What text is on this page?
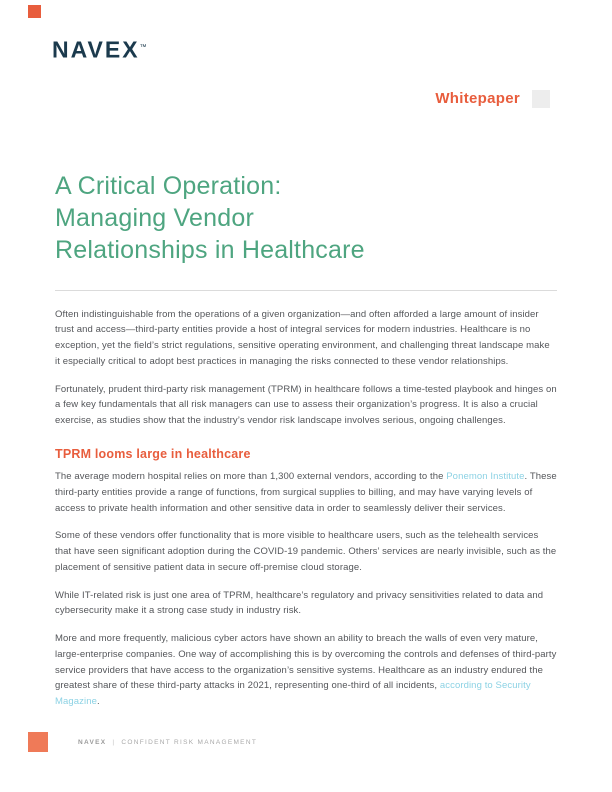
NAVEX™
Whitepaper
A Critical Operation:
Managing Vendor
Relationships in Healthcare

Often indistinguishable from the operations of a given organization—and often afforded a large amount of insider trust and access—third-party entities provide a host of integral services for modern industries. Healthcare is no exception, yet the field’s strict regulations, sensitive operating environment, and challenging threat landscape make it especially critical to adopt best practices in managing the risks connected to these vendor relationships.

Fortunately, prudent third-party risk management (TPRM) in healthcare follows a time-tested playbook and hinges on a few key fundamentals that all risk managers can use to assess their organization’s progress. It is also a crucial exercise, as studies show that the industry’s vendor risk landscape involves serious, ongoing challenges.

TPRM looms large in healthcare

The average modern hospital relies on more than 1,300 external vendors, according to the Ponemon Institute. These third-party entities provide a range of functions, from surgical supplies to billing, and may have varying levels of access to private health information and other sensitive data in order to seamlessly deliver their services.

Some of these vendors offer functionality that is more visible to healthcare users, such as the telehealth services that have seen significant adoption during the COVID-19 pandemic. Others’ services are nearly invisible, such as the placement of sensitive patient data in secure off-premise cloud storage.

While IT-related risk is just one area of TPRM, healthcare’s regulatory and privacy sensitivities related to data and cybersecurity make it a strong case study in industry risk.

More and more frequently, malicious cyber actors have shown an ability to breach the walls of even very mature, large-enterprise companies. One way of accomplishing this is by overcoming the controls and defenses of third-party service providers that have access to the organization’s sensitive systems. Healthcare as an industry endured the greatest share of these third-party attacks in 2021, representing one-third of all incidents, according to Security Magazine.

NAVEX | CONFIDENT RISK MANAGEMENT
